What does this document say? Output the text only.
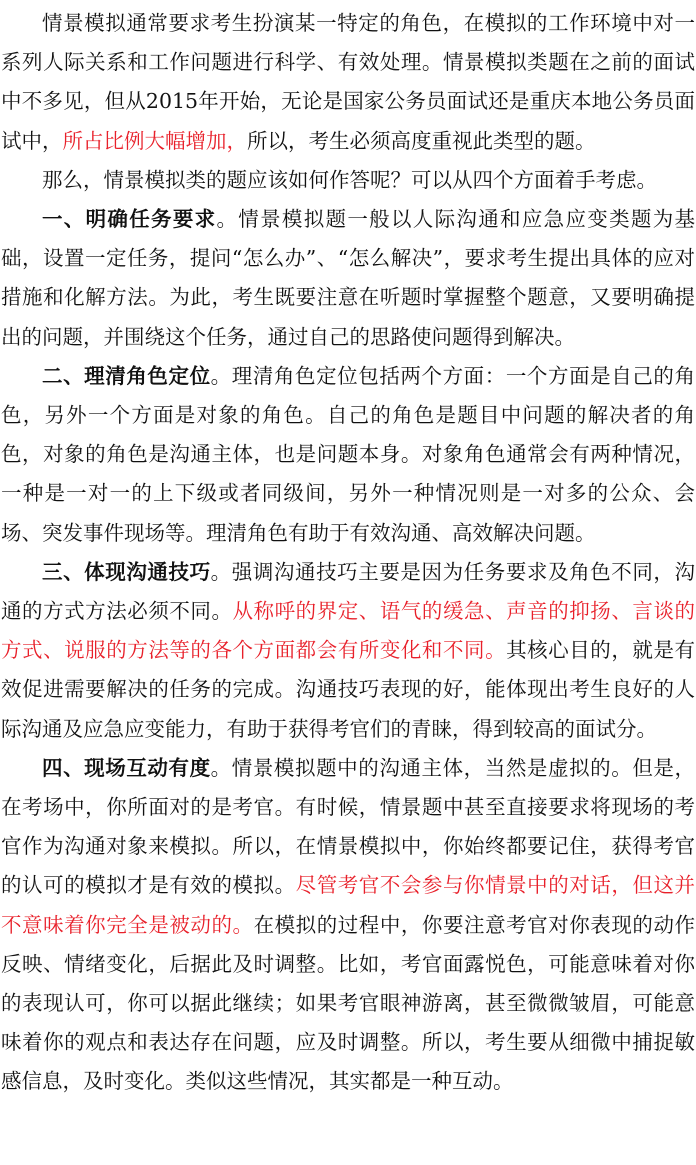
情景模拟通常要求考生扮演某一特定的角色，在模拟的工作环境中对一系列人际关系和工作问题进行科学、有效处理。情景模拟类题在之前的面试中不多见，但从2015年开始，无论是国家公务员面试还是重庆本地公务员面试中，所占比例大幅增加，所以，考生必须高度重视此类型的题。

那么，情景模拟类的题应该如何作答呢？可以从四个方面着手考虑。

一、明确任务要求。情景模拟题一般以人际沟通和应急应变类题为基础，设置一定任务，提问“怎么办”、“怎么解决”，要求考生提出具体的应对措施和化解方法。为此，考生既要注意在听题时掌握整个题意，又要明确提出的问题，并围绕这个任务，通过自己的思路使问题得到解决。

二、理清角色定位。理清角色定位包括两个方面：一个方面是自己的角色，另外一个方面是对象的角色。自己的角色是题目中问题的解决者的角色，对象的角色是沟通主体，也是问题本身。对象角色通常会有两种情况，一种是一对一的上下级或者同级间，另外一种情况则是一对多的公众、会场、突发事件现场等。理清角色有助于有效沟通、高效解决问题。

三、体现沟通技巧。强调沟通技巧主要是因为任务要求及角色不同，沟通的方式方法必须不同。从称呼的界定、语气的缓急、声音的抑扬、言谈的方式、说服的方法等的各个方面都会有所变化和不同。其核心目的，就是有效促进需要解决的任务的完成。沟通技巧表现的好，能体现出考生良好的人际沟通及应急应变能力，有助于获得考官们的青睐，得到较高的面试分。

四、现场互动有度。情景模拟题中的沟通主体，当然是虚拟的。但是，在考场中，你所面对的是考官。有时候，情景题中甚至直接要求将现场的考官作为沟通对象来模拟。所以，在情景模拟中，你始终都要记住，获得考官的认可的模拟才是有效的模拟。尽管考官不会参与你情景中的对话，但这并不意味着你完全是被动的。在模拟的过程中，你要注意考官对你表现的动作反映、情绪变化，后据此及时调整。比如，考官面露悦色，可能意味着对你的表现认可，你可以据此继续；如果考官眼神游离，甚至微微皱眉，可能意味着你的观点和表达存在问题，应及时调整。所以，考生要从细微中捕捉敏感信息，及时变化。类似这些情况，其实都是一种互动。
